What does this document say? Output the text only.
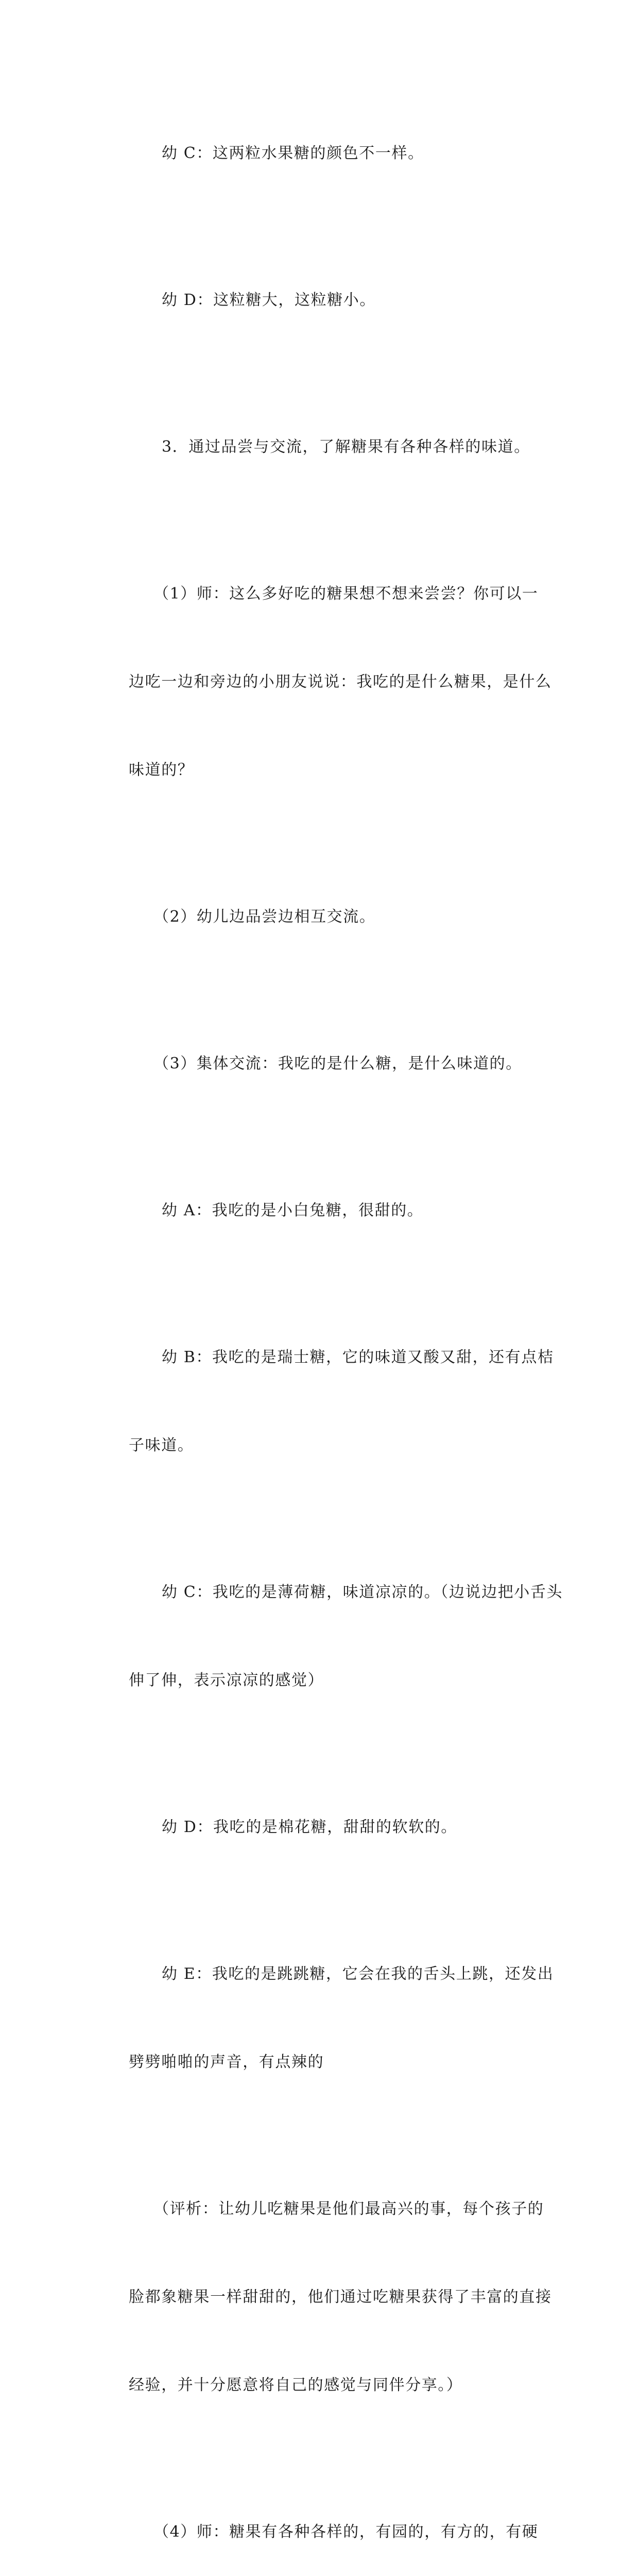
幼 C：这两粒水果糖的颜色不一样。

幼 D：这粒糖大，这粒糖小。

3．通过品尝与交流，了解糖果有各种各样的味道。

（1）师：这么多好吃的糖果想不想来尝尝？你可以一

边吃一边和旁边的小朋友说说：我吃的是什么糖果，是什么

味道的？

（2）幼儿边品尝边相互交流。

（3）集体交流：我吃的是什么糖，是什么味道的。

幼 A：我吃的是小白兔糖，很甜的。

幼 B：我吃的是瑞士糖，它的味道又酸又甜，还有点桔

子味道。

幼 C：我吃的是薄荷糖，味道凉凉的。（边说边把小舌头

伸了伸，表示凉凉的感觉）

幼 D：我吃的是棉花糖，甜甜的软软的。

幼 E：我吃的是跳跳糖，它会在我的舌头上跳，还发出

劈劈啪啪的声音，有点辣的

（评析：让幼儿吃糖果是他们最高兴的事，每个孩子的

脸都象糖果一样甜甜的，他们通过吃糖果获得了丰富的直接

经验，并十分愿意将自己的感觉与同伴分享。）

（4）师：糖果有各种各样的，有园的，有方的，有硬
